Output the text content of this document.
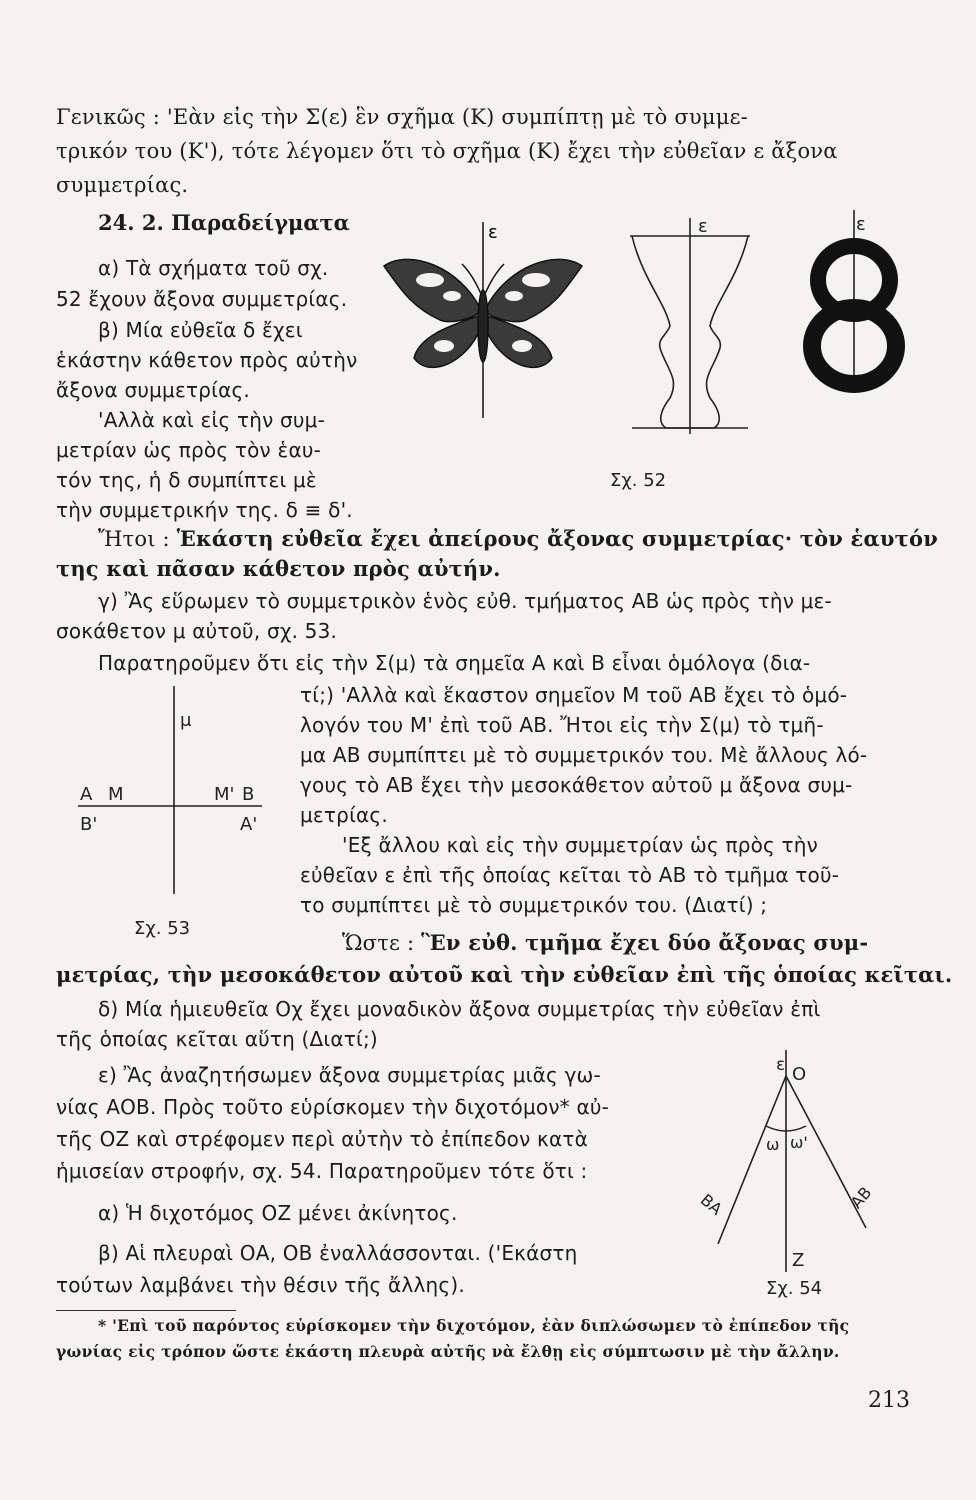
Γενικῶς : 'Εὰν εἰς τὴν Σ(ε) ἓν σχῆμα (Κ) συμπίπτῃ μὲ τὸ συμμε-
τρικόν του (Κ'), τότε λέγομεν ὅτι τὸ σχῆμα (Κ) ἔχει τὴν εὐθεῖαν ε ἄξονα
συμμετρίας.
24. 2. Παραδείγματα
α) Τὰ σχήματα τοῦ σχ.
52 ἔχουν ἄξονα συμμετρίας.
β) Μία εὐθεῖα δ ἔχει
ἑκάστην κάθετον πρὸς αὐτὴν
ἄξονα συμμετρίας.
'Αλλὰ καὶ εἰς τὴν συμ-
μετρίαν ὡς πρὸς τὸν ἑαυ-
τόν της, ἡ δ συμπίπτει μὲ
τὴν συμμετρικήν της. δ ≡ δ'.
ε	ε	ε
Σχ. 52
Ἤτοι : Ἑκάστη εὐθεῖα ἔχει ἀπείρους ἄξονας συμμετρίας· τὸν ἑαυτόν
της καὶ πᾶσαν κάθετον πρὸς αὐτήν.
γ) Ἂς εὕρωμεν τὸ συμμετρικὸν ἑνὸς εὐθ. τμήματος ΑΒ ὡς πρὸς τὴν με-
σοκάθετον μ αὐτοῦ, σχ. 53.
Παρατηροῦμεν ὅτι εἰς τὴν Σ(μ) τὰ σημεῖα Α καὶ Β εἶναι ὁμόλογα (δια-
τί;) 'Αλλὰ καὶ ἕκαστον σημεῖον Μ τοῦ ΑΒ ἔχει τὸ ὁμό-
λογόν του Μ' ἐπὶ τοῦ ΑΒ. Ἤτοι εἰς τὴν Σ(μ) τὸ τμῆ-
μα ΑΒ συμπίπτει μὲ τὸ συμμετρικόν του. Μὲ ἄλλους λό-
γους τὸ ΑΒ ἔχει τὴν μεσοκάθετον αὐτοῦ μ ἄξονα συμ-
μετρίας.
'Εξ ἄλλου καὶ εἰς τὴν συμμετρίαν ὡς πρὸς τὴν
εὐθεῖαν ε ἐπὶ τῆς ὁποίας κεῖται τὸ ΑΒ τὸ τμῆμα τοῦ-
το συμπίπτει μὲ τὸ συμμετρικόν του. (Διατί) ;
μ
Α Μ	Μ' Β
Β'	Α'
Σχ. 53
Ὥστε : Ἓν εὐθ. τμῆμα ἔχει δύο ἄξονας συμ-
μετρίας, τὴν μεσοκάθετον αὐτοῦ καὶ τὴν εὐθεῖαν ἐπὶ τῆς ὁποίας κεῖται.
δ) Μία ἡμιευθεῖα Οχ ἔχει μοναδικὸν ἄξονα συμμετρίας τὴν εὐθεῖαν ἐπὶ
τῆς ὁποίας κεῖται αὕτη (Διατί;)
ε) Ἂς ἀναζητήσωμεν ἄξονα συμμετρίας μιᾶς γω-
νίας ΑΟΒ. Πρὸς τοῦτο εὑρίσκομεν τὴν διχοτόμον* αὐ-
τῆς ΟΖ καὶ στρέφομεν περὶ αὐτὴν τὸ ἐπίπεδον κατὰ
ἡμισείαν στροφήν, σχ. 54. Παρατηροῦμεν τότε ὅτι :
α) Ἡ διχοτόμος ΟΖ μένει ἀκίνητος.
β) Αἱ πλευραὶ ΟΑ, ΟΒ ἐναλλάσσονται. ('Εκάστη
τούτων λαμβάνει τὴν θέσιν τῆς ἄλλης).
ε Ο
ω ω'
ΒΑ	ΑΒ
Ζ
Σχ. 54
* 'Επὶ τοῦ παρόντος εὑρίσκομεν τὴν διχοτόμον, ἐὰν διπλώσωμεν τὸ ἐπίπεδον τῆς
γωνίας εἰς τρόπον ὥστε ἑκάστη πλευρὰ αὐτῆς νὰ ἔλθῃ εἰς σύμπτωσιν μὲ τὴν ἄλλην.
213
